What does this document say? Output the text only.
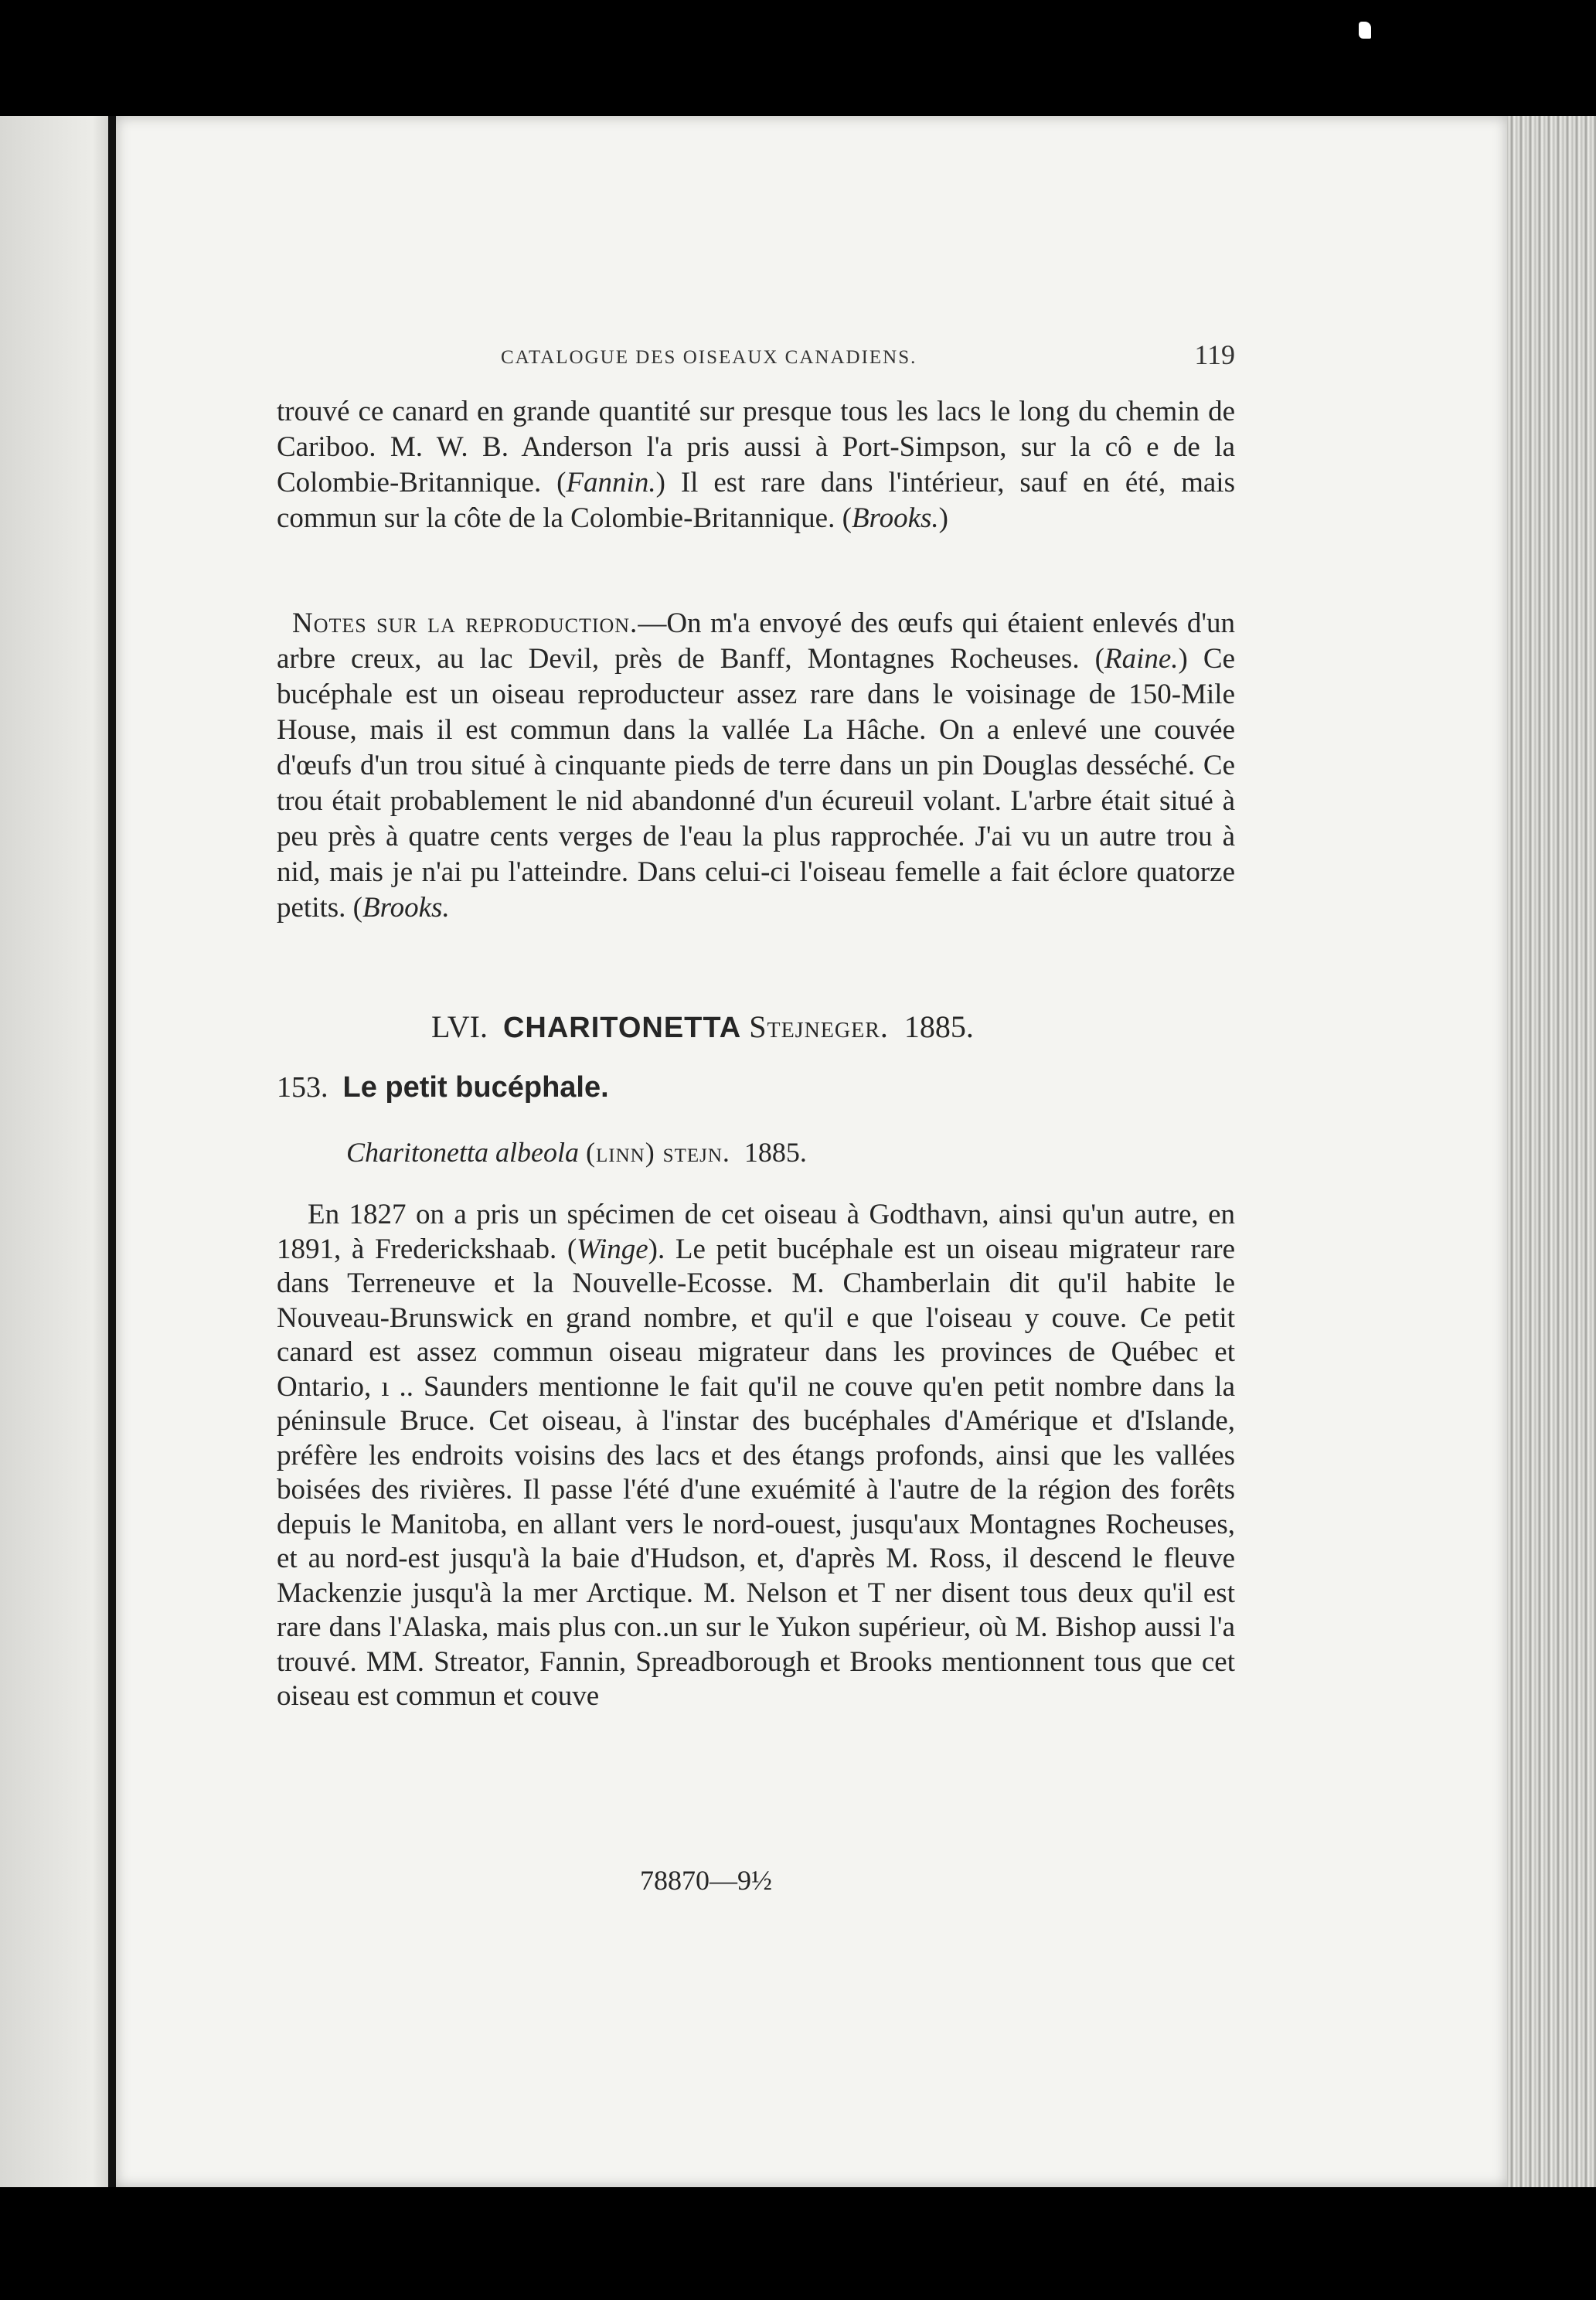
CATALOGUE DES OISEAUX CANADIENS.	119

trouvé ce canard en grande quantité sur presque tous les lacs le long du chemin de Cariboo. M. W. B. Anderson l'a pris aussi à Port-Simpson, sur la cô e de la Colombie-Britannique. (Fannin.) Il est rare dans l'intérieur, sauf en été, mais commun sur la côte de la Colombie-Britannique. (Brooks.)

Notes sur la reproduction.—On m'a envoyé des œufs qui étaient enlevés d'un arbre creux, au lac Devil, près de Banff, Montagnes Rocheuses. (Raine.) Ce bucéphale est un oiseau reproducteur assez rare dans le voisinage de 150-Mile House, mais il est commun dans la vallée La Hâche. On a enlevé une couvée d'œufs d'un trou situé à cinquante pieds de terre dans un pin Douglas desséché. Ce trou était probablement le nid abandonné d'un écureuil volant. L'arbre était situé à peu près à quatre cents verges de l'eau la plus rapprochée. J'ai vu un autre trou à nid, mais je n'ai pu l'atteindre. Dans celui-ci l'oiseau femelle a fait éclore quatorze petits. (Brooks.

LVI. CHARITONETTA Stejneger. 1885.
153. Le petit bucéphale.
Charitonetta albeola (linn) stejn. 1885.

En 1827 on a pris un spécimen de cet oiseau à Godthavn, ainsi qu'un autre, en 1891, à Frederickshaab. (Winge). Le petit bucéphale est un oiseau migrateur rare dans Terreneuve et la Nouvelle-Ecosse. M. Chamberlain dit qu'il habite le Nouveau-Brunswick en grand nombre, et qu'il e que l'oiseau y couve. Ce petit canard est assez commun oiseau migrateur dans les provinces de Québec et Ontario, ı .. Saunders mentionne le fait qu'il ne couve qu'en petit nombre dans la péninsule Bruce. Cet oiseau, à l'instar des bucéphales d'Amérique et d'Islande, préfère les endroits voisins des lacs et des étangs profonds, ainsi que les vallées boisées des rivières. Il passe l'été d'une exuémité à l'autre de la région des forêts depuis le Manitoba, en allant vers le nord-ouest, jusqu'aux Montagnes Rocheuses, et au nord-est jusqu'à la baie d'Hudson, et, d'après M. Ross, il descend le fleuve Mackenzie jusqu'à la mer Arctique. M. Nelson et T ner disent tous deux qu'il est rare dans l'Alaska, mais plus con..un sur le Yukon supérieur, où M. Bishop aussi l'a trouvé. MM. Streator, Fannin, Spreadborough et Brooks mentionnent tous que cet oiseau est commun et couve

78870—9½
